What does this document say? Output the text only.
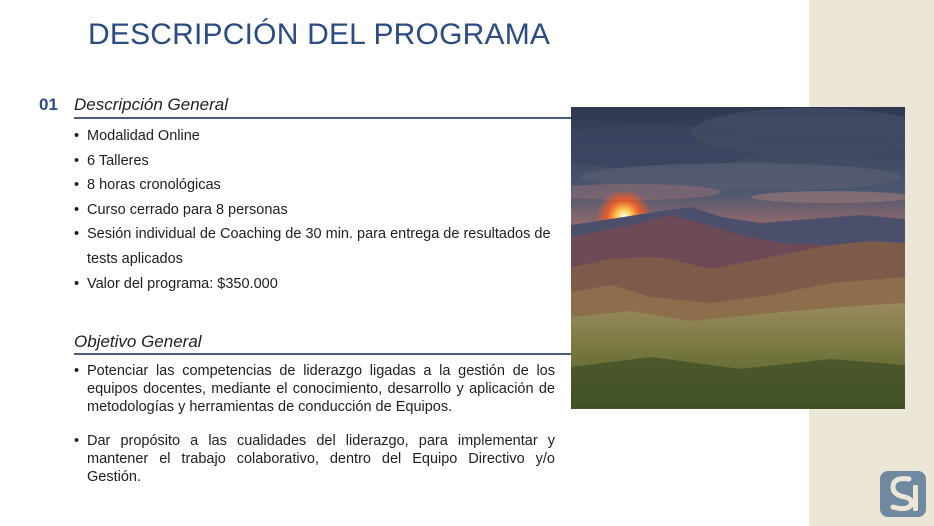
DESCRIPCIÓN DEL PROGRAMA
01 Descripción General
• Modalidad Online
• 6 Talleres
• 8 horas cronológicas
• Curso cerrado para 8 personas
• Sesión individual de Coaching de 30 min. para entrega de resultados de tests aplicados
• Valor del programa: $350.000
Objetivo General
• Potenciar las competencias de liderazgo ligadas a la gestión de los equipos docentes, mediante el conocimiento, desarrollo y aplicación de metodologías y herramientas de conducción de Equipos.
• Dar propósito a las cualidades del liderazgo, para implementar y mantener el trabajo colaborativo, dentro del Equipo Directivo y/o Gestión.
